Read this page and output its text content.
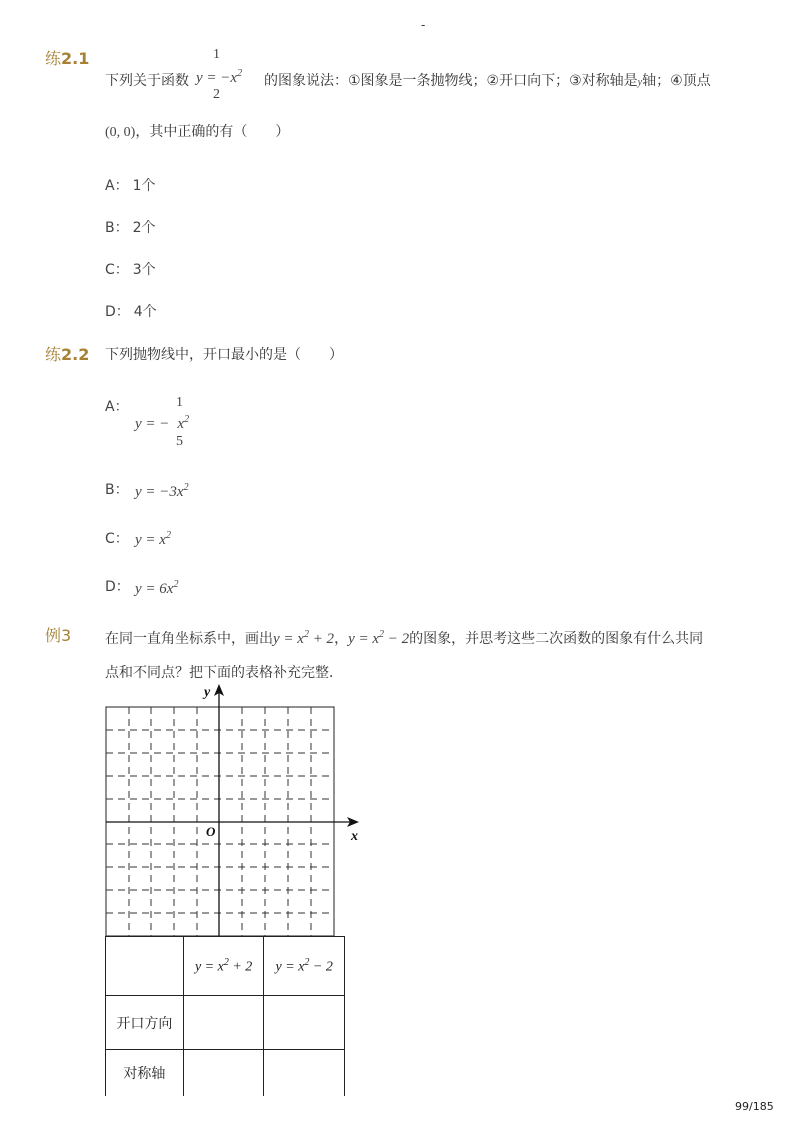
-
练2.1
下列关于函数
1
2
$y = -x^2$ 的图象说法：①图象是一条抛物线；②开口向下；③对称轴是y轴；④顶点
(0, 0)，其中正确的有（　　）
A： 1个
B： 2个
C： 3个
D： 4个
练2.2 下列抛物线中，开口最小的是（　　）
A：	1
y = − $x^2$
5
B： $y = -3x^2$
C： $y = x^2$
D： $y = 6x^2$
例3 在同一直角坐标系中，画出$y = x^2 + 2$，$y = x^2 - 2$的图象，并思考这些二次函数的图象有什么共同
点和不同点？把下面的表格补充完整．
y
x
O
	$y = x^2 + 2$	$y = x^2 - 2$
开口方向		
对称轴		
99/185
